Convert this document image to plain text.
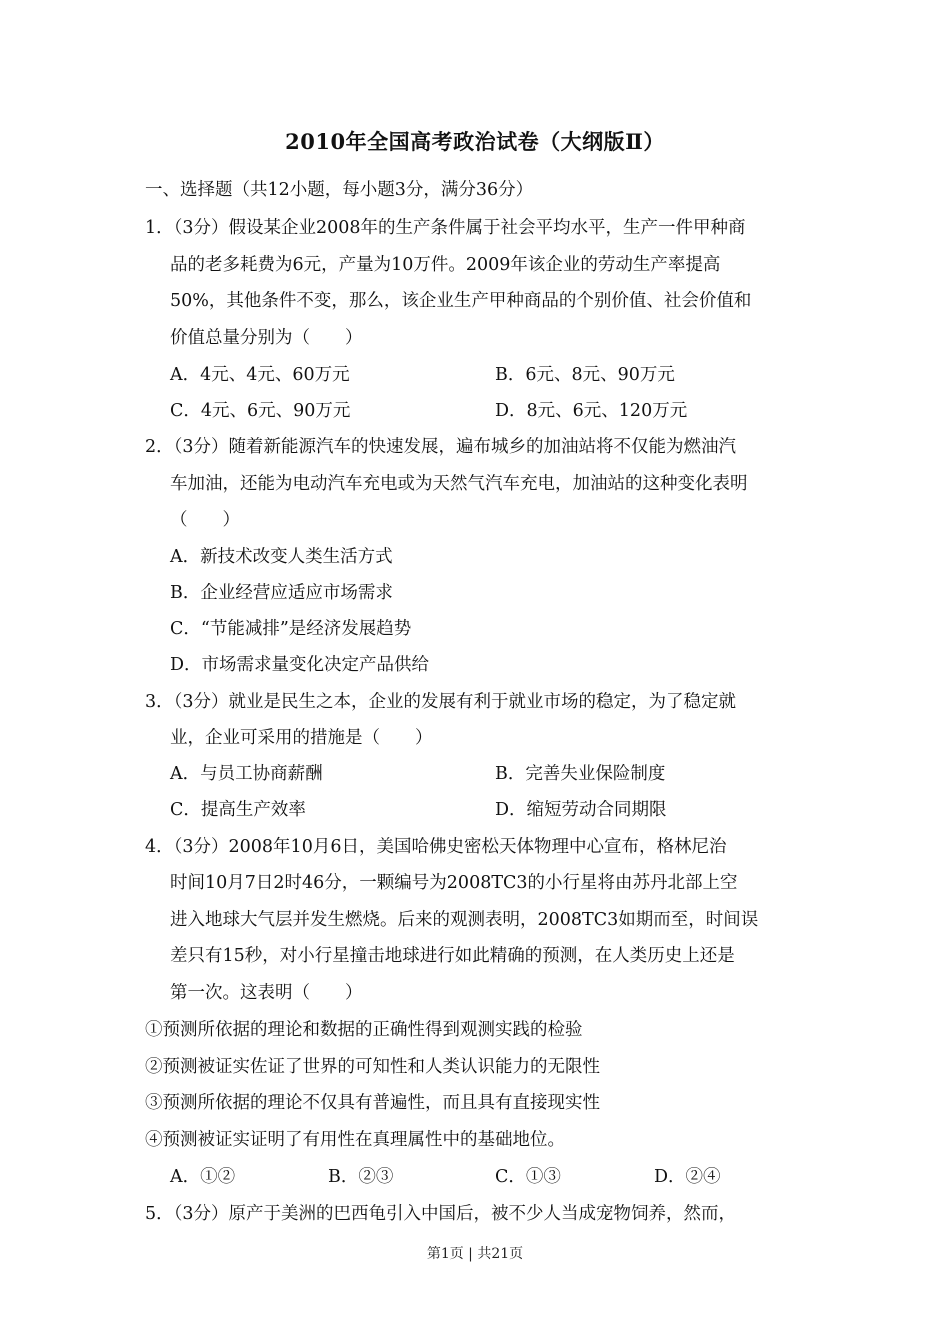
2010年全国高考政治试卷（大纲版Ⅱ）
一、选择题（共12小题，每小题3分，满分36分）
1．（3分）假设某企业2008年的生产条件属于社会平均水平，生产一件甲种商
品的老多耗费为6元，产量为10万件。2009年该企业的劳动生产率提高
50%，其他条件不变，那么，该企业生产甲种商品的个别价值、社会价值和
价值总量分别为（　　）
A．4元、4元、60万元	B．6元、8元、90万元
C．4元、6元、90万元	D．8元、6元、120万元
2．（3分）随着新能源汽车的快速发展，遍布城乡的加油站将不仅能为燃油汽
车加油，还能为电动汽车充电或为天然气汽车充电，加油站的这种变化表明
（　　）
A．新技术改变人类生活方式
B．企业经营应适应市场需求
C．“节能减排”是经济发展趋势
D．市场需求量变化决定产品供给
3．（3分）就业是民生之本，企业的发展有利于就业市场的稳定，为了稳定就
业，企业可采用的措施是（　　）
A．与员工协商薪酬	B．完善失业保险制度
C．提高生产效率	D．缩短劳动合同期限
4．（3分）2008年10月6日，美国哈佛史密松天体物理中心宣布，格林尼治
时间10月7日2时46分，一颗编号为2008TC3的小行星将由苏丹北部上空
进入地球大气层并发生燃烧。后来的观测表明，2008TC3如期而至，时间误
差只有15秒，对小行星撞击地球进行如此精确的预测，在人类历史上还是
第一次。这表明（　　）
①预测所依据的理论和数据的正确性得到观测实践的检验
②预测被证实佐证了世界的可知性和人类认识能力的无限性
③预测所依据的理论不仅具有普遍性，而且具有直接现实性
④预测被证实证明了有用性在真理属性中的基础地位。
A．①②	B．②③	C．①③	D．②④
5．（3分）原产于美洲的巴西龟引入中国后，被不少人当成宠物饲养，然而，
第1页 | 共21页
